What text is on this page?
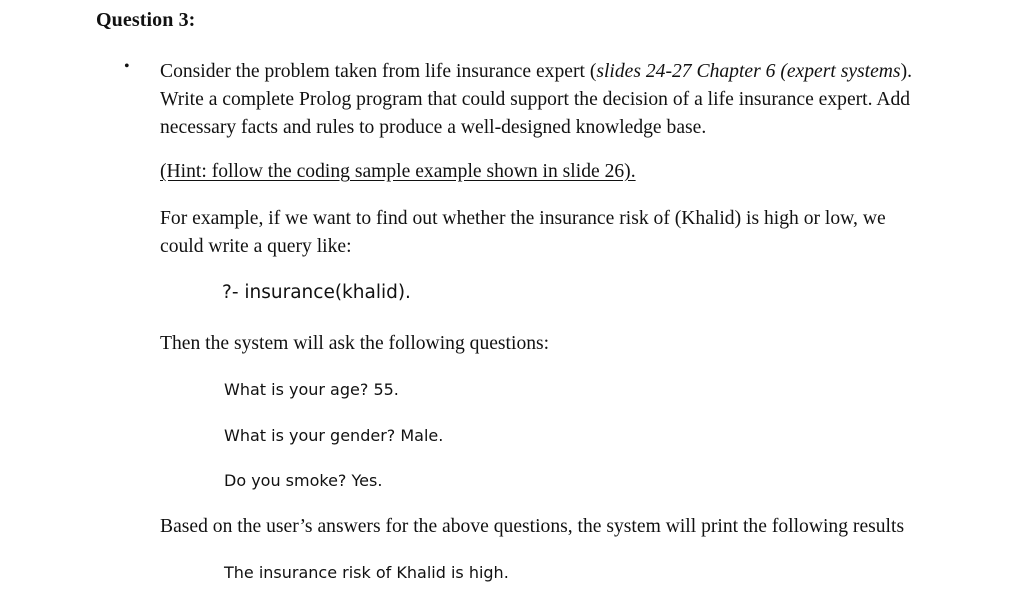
Question 3:
• Consider the problem taken from life insurance expert (slides 24-27 Chapter 6 (expert systems).
Write a complete Prolog program that could support the decision of a life insurance expert. Add
necessary facts and rules to produce a well-designed knowledge base.
(Hint: follow the coding sample example shown in slide 26).
For example, if we want to find out whether the insurance risk of (Khalid) is high or low, we
could write a query like:
?- insurance(khalid).
Then the system will ask the following questions:
What is your age? 55.
What is your gender? Male.
Do you smoke? Yes.
Based on the user’s answers for the above questions, the system will print the following results
The insurance risk of Khalid is high.
